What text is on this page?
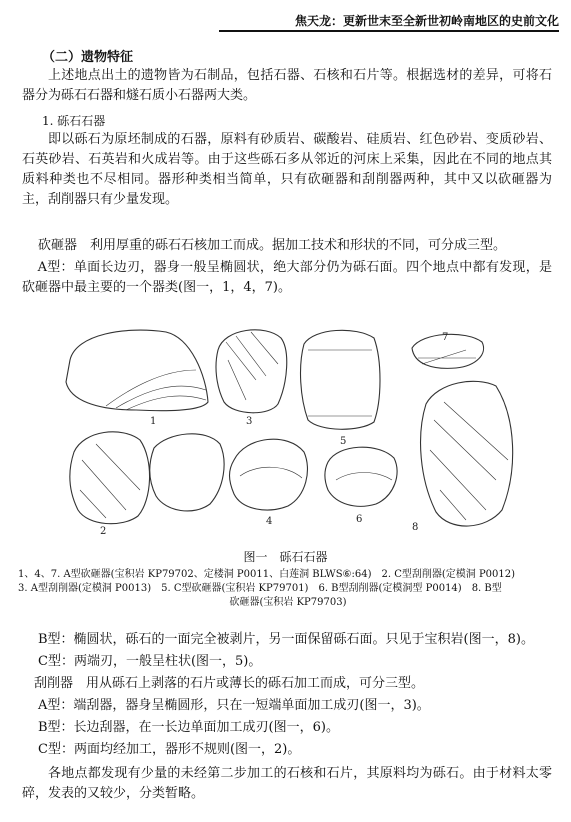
焦天龙：更新世末至全新世初岭南地区的史前文化
（二）遗物特征
上述地点出土的遗物皆为石制品，包括石器、石核和石片等。根据选材的差异，可将石器分为砾石石器和燧石质小石器两大类。
1. 砾石石器
即以砾石为原坯制成的石器，原料有砂质岩、碳酸岩、硅质岩、红色砂岩、变质砂岩、石英砂岩、石英岩和火成岩等。由于这些砾石多从邻近的河床上采集，因此在不同的地点其质料种类也不尽相同。器形种类相当简单，只有砍砸器和刮削器两种，其中又以砍砸器为主，刮削器只有少量发现。
砍砸器　利用厚重的砾石石核加工而成。据加工技术和形状的不同，可分成三型。
A型：单面长边刃，器身一般呈椭圆状，绝大部分仍为砾石面。四个地点中都有发现，是砍砸器中最主要的一个器类(图一，1，4，7)。
1
2
3
4
5
6
7
8
图一　砾石石器
1、4、7. A型砍砸器(宝积岩 KP79702、定楼洞 P0011、白莲洞 BLWS⑥:64)　2. C型刮削器(定模洞 P0012)
3. A型刮削器(定模洞 P0013)　5. C型砍砸器(宝积岩 KP79701)　6. B型刮削器(定模洞型 P0014)　8. B型
砍砸器(宝积岩 KP79703)
B型：椭圆状，砾石的一面完全被剥片，另一面保留砾石面。只见于宝积岩(图一，8)。
C型：两端刃，一般呈柱状(图一，5)。
刮削器　用从砾石上剥落的石片或薄长的砾石加工而成，可分三型。
A型：端刮器，器身呈椭圆形，只在一短端单面加工成刃(图一，3)。
B型：长边刮器，在一长边单面加工成刃(图一，6)。
C型：两面均经加工，器形不规则(图一，2)。
各地点都发现有少量的未经第二步加工的石核和石片，其原料均为砾石。由于材料太零碎，发表的又较少，分类暂略。
